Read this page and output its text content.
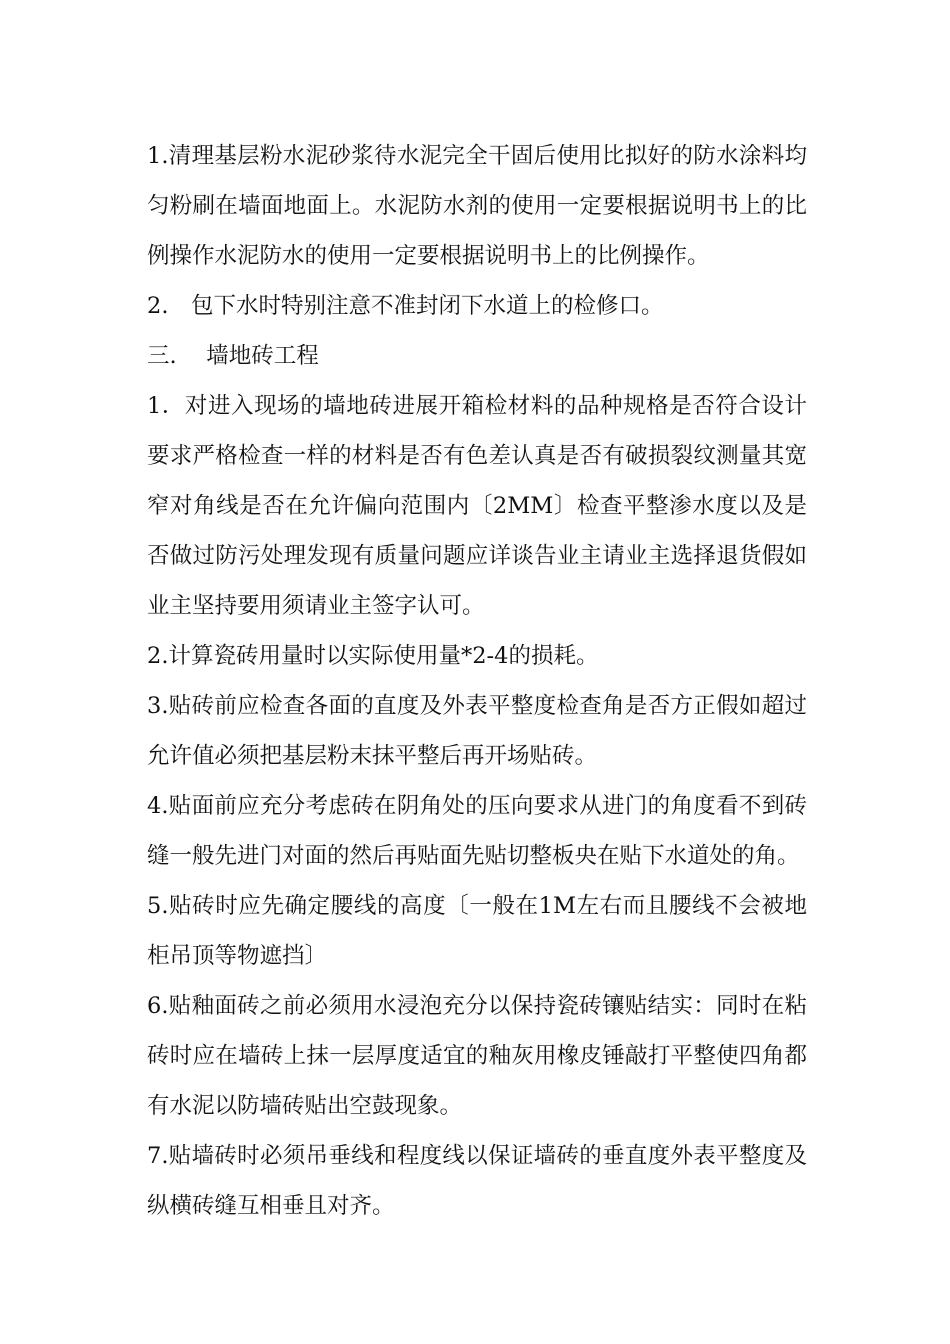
1.清理基层粉水泥砂浆待水泥完全干固后使用比拟好的防水涂料均匀粉刷在墙面地面上。水泥防水剂的使用一定要根据说明书上的比例操作水泥防水的使用一定要根据说明书上的比例操作。

2.　包下水时特别注意不准封闭下水道上的检修口。

三.　 墙地砖工程

1．对进入现场的墙地砖进展开箱检材料的品种规格是否符合设计要求严格检查一样的材料是否有色差认真是否有破损裂纹测量其宽窄对角线是否在允许偏向范围内〔2MM〕检查平整渗水度以及是否做过防污处理发现有质量问题应详谈告业主请业主选择退货假如业主坚持要用须请业主签字认可。

2.计算瓷砖用量时以实际使用量*2-4的损耗。

3.贴砖前应检查各面的直度及外表平整度检查角是否方正假如超过允许值必须把基层粉末抹平整后再开场贴砖。

4.贴面前应充分考虑砖在阴角处的压向要求从进门的角度看不到砖缝一般先进门对面的然后再贴面先贴切整板央在贴下水道处的角。

5.贴砖时应先确定腰线的高度〔一般在1M左右而且腰线不会被地柜吊顶等物遮挡〕

6.贴釉面砖之前必须用水浸泡充分以保持瓷砖镶贴结实：同时在粘砖时应在墙砖上抹一层厚度适宜的釉灰用橡皮锤敲打平整使四角都有水泥以防墙砖贴出空鼓现象。

7.贴墙砖时必须吊垂线和程度线以保证墙砖的垂直度外表平整度及纵横砖缝互相垂且对齐。
